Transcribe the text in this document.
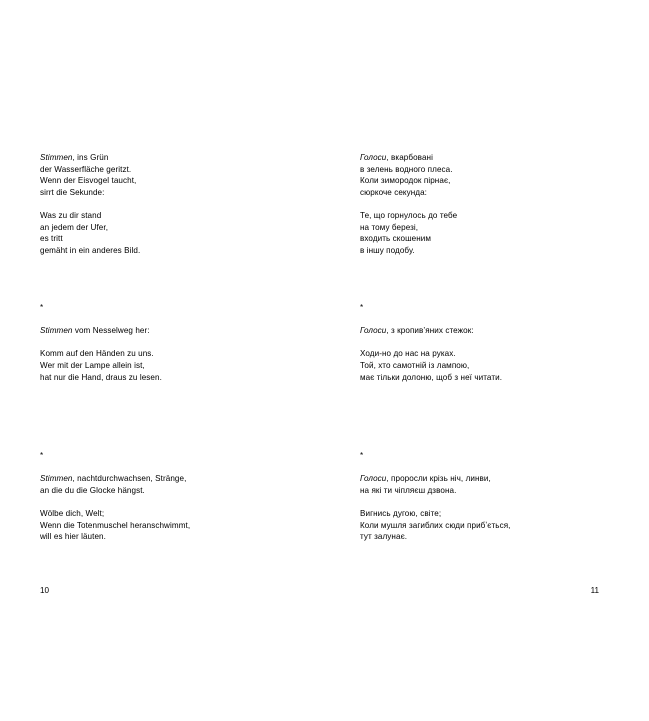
Stimmen, ins Grün
der Wasserfläche geritzt.
Wenn der Eisvogel taucht,
sirrt die Sekunde:

Was zu dir stand
an jedem der Ufer,
es tritt
gemäht in ein anderes Bild.

*

Stimmen vom Nesselweg her:

Komm auf den Händen zu uns.
Wer mit der Lampe allein ist,
hat nur die Hand, draus zu lesen.

*

Stimmen, nachtdurchwachsen, Stränge,
an die du die Glocke hängst.

Wölbe dich, Welt;
Wenn die Totenmuschel heranschwimmt,
will es hier läuten.

10

Голоси, вкарбовані
в зелень водного плеса.
Коли зимородок пірнає,
сюркоче секунда:

Те, що горнулось до тебе
на тому березі,
входить скошеним
в іншу подобу.

*

Голоси, з кропив’яних стежок:

Ходи-но до нас на руках.
Той, хто самотній із лампою,
має тільки долоню, щоб з неї читати.

*

Голоси, проросли крізь ніч, линви,
на які ти чіпляєш дзвона.

Вигнись дугою, світе;
Коли мушля загиблих сюди прибʼється,
тут залунає.

11
